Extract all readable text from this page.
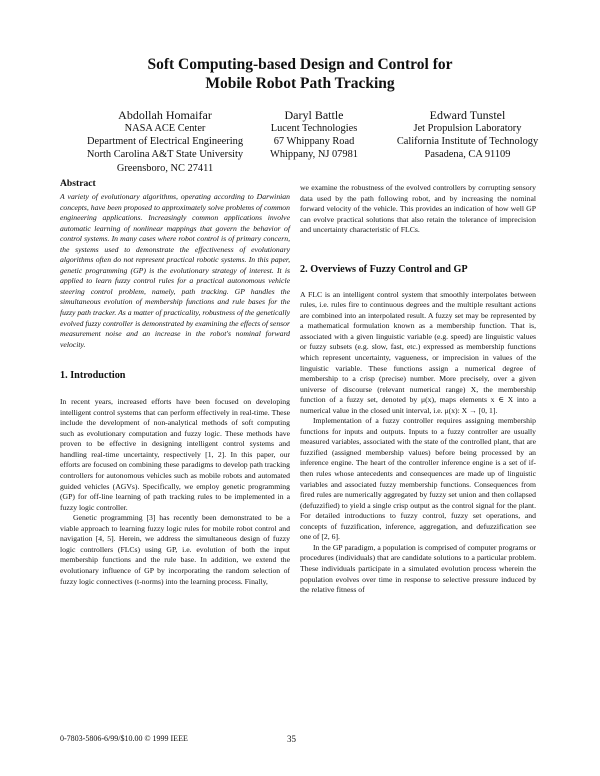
Soft Computing-based Design and Control for
Mobile Robot Path Tracking
Abdollah Homaifar
NASA ACE Center
Department of Electrical Engineering
North Carolina A&T State University
Greensboro, NC 27411
Daryl Battle
Lucent Technologies
67 Whippany Road
Whippany, NJ 07981
Edward Tunstel
Jet Propulsion Laboratory
California Institute of Technology
Pasadena, CA 91109
Abstract

A variety of evolutionary algorithms, operating according to Darwinian concepts, have been proposed to approximately solve problems of common engineering applications. Increasingly common applications involve automatic learning of nonlinear mappings that govern the behavior of control systems. In many cases where robot control is of primary concern, the systems used to demonstrate the effectiveness of evolutionary algorithms often do not represent practical robotic systems. In this paper, genetic programming (GP) is the evolutionary strategy of interest. It is applied to learn fuzzy control rules for a practical autonomous vehicle steering control problem, namely, path tracking. GP handles the simultaneous evolution of membership functions and rule bases for the fuzzy path tracker. As a matter of practicality, robustness of the genetically evolved fuzzy controller is demonstrated by examining the effects of sensor measurement noise and an increase in the robot's nominal forward velocity.

1. Introduction

In recent years, increased efforts have been focused on developing intelligent control systems that can perform effectively in real-time. These include the development of non-analytical methods of soft computing such as evolutionary computation and fuzzy logic. These methods have proven to be effective in designing intelligent control systems and handling real-time uncertainty, respectively [1, 2]. In this paper, our efforts are focused on combining these paradigms to develop path tracking controllers for autonomous vehicles such as mobile robots and automated guided vehicles (AGVs). Specifically, we employ genetic programming (GP) for off-line learning of path tracking rules to be implemented in a fuzzy logic controller.

Genetic programming [3] has recently been demonstrated to be a viable approach to learning fuzzy logic rules for mobile robot control and navigation [4, 5]. Herein, we address the simultaneous design of fuzzy logic controllers (FLCs) using GP, i.e. evolution of both the input membership functions and the rule base. In addition, we extend the evolutionary influence of GP by incorporating the random selection of fuzzy logic connectives (t-norms) into the learning process. Finally,

we examine the robustness of the evolved controllers by corrupting sensory data used by the path following robot, and by increasing the nominal forward velocity of the vehicle. This provides an indication of how well GP can evolve practical solutions that also retain the tolerance of imprecision and uncertainty characteristic of FLCs.

2. Overviews of Fuzzy Control and GP

A FLC is an intelligent control system that smoothly interpolates between rules, i.e. rules fire to continuous degrees and the multiple resultant actions are combined into an interpolated result. A fuzzy set may be represented by a mathematical formulation known as a membership function. That is, associated with a given linguistic variable (e.g. speed) are linguistic values or fuzzy subsets (e.g. slow, fast, etc.) expressed as membership functions which represent uncertainty, vagueness, or imprecision in values of the linguistic variable. These functions assign a numerical degree of membership to a crisp (precise) number. More precisely, over a given universe of discourse (relevant numerical range) X, the membership function of a fuzzy set, denoted by μ(x), maps elements x ∈ X into a numerical value in the closed unit interval, i.e. μ(x): X → [0, 1].

Implementation of a fuzzy controller requires assigning membership functions for inputs and outputs. Inputs to a fuzzy controller are usually measured variables, associated with the state of the controlled plant, that are fuzzified (assigned membership values) before being processed by an inference engine. The heart of the controller inference engine is a set of if-then rules whose antecedents and consequences are made up of linguistic variables and associated fuzzy membership functions. Consequences from fired rules are numerically aggregated by fuzzy set union and then collapsed (defuzzified) to yield a single crisp output as the control signal for the plant. For detailed introductions to fuzzy control, fuzzy set operations, and concepts of fuzzification, inference, aggregation, and defuzzification see one of [2, 6].

In the GP paradigm, a population is comprised of computer programs or procedures (individuals) that are candidate solutions to a particular problem. These individuals participate in a simulated evolution process wherein the population evolves over time in response to selective pressure induced by the relative fitness of

0-7803-5806-6/99/$10.00 © 1999 IEEE	35
